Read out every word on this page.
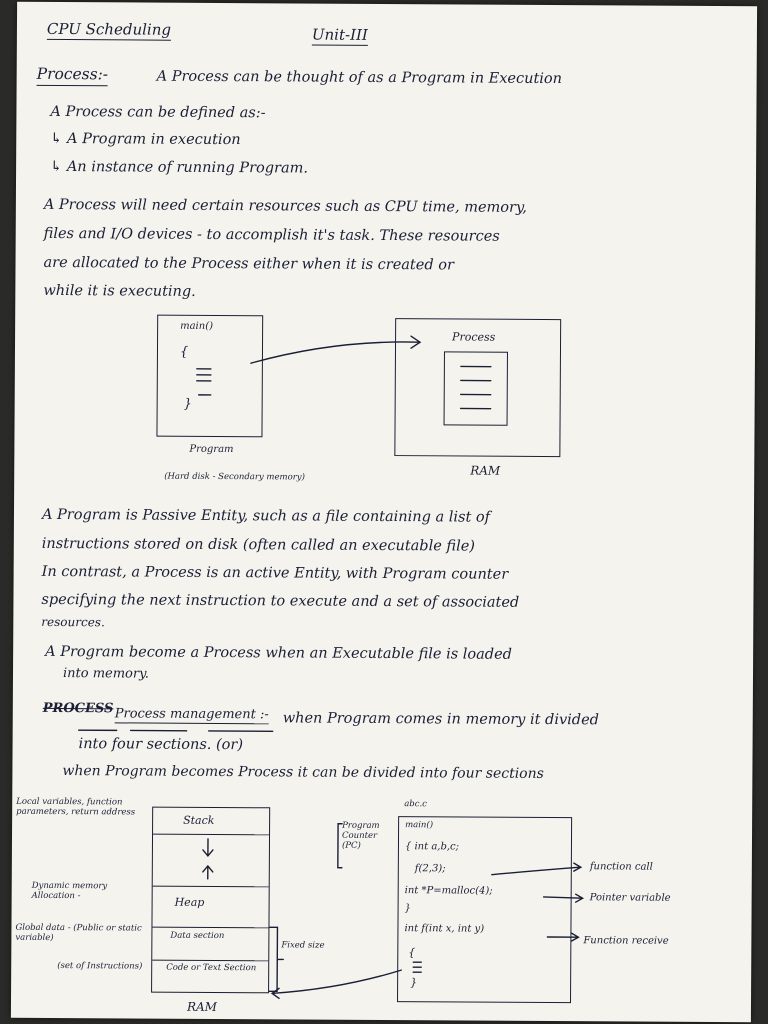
CPU Scheduling	Unit-III
Process:-	A Process can be thought of as a Program in Execution
A Process can be defined as:-
↳ A Program in execution
↳ An instance of running Program.
A Process will need certain resources such as CPU time, memory,
files and I/O devices - to accomplish it's task. These resources
are allocated to the Process either when it is created or
while it is executing.
main()
{
}
Program
(Hard disk - Secondary memory)
Process
RAM
A Program is Passive Entity, such as a file containing a list of
instructions stored on disk (often called an executable file)
In contrast, a Process is an active Entity, with Program counter
specifying the next instruction to execute and a set of associated
resources.
A Program become a Process when an Executable file is loaded
into memory.
PROCESS Process management :- when Program comes in memory it divided
into four sections. (or)
when Program becomes Process it can be divided into four sections
Stack
Heap
Data section
Code or Text Section
RAM
Local variables, function parameters, return address
Dynamic memory Allocation -
Global data - (Public or static variable)
(set of Instructions)
Fixed size
abc.c
Program Counter (PC)
main()
{ int a,b,c;
f(2,3);
int *P=malloc(4);
}
int f(int x, int y)
{
}
function call
Pointer variable
Function receive
